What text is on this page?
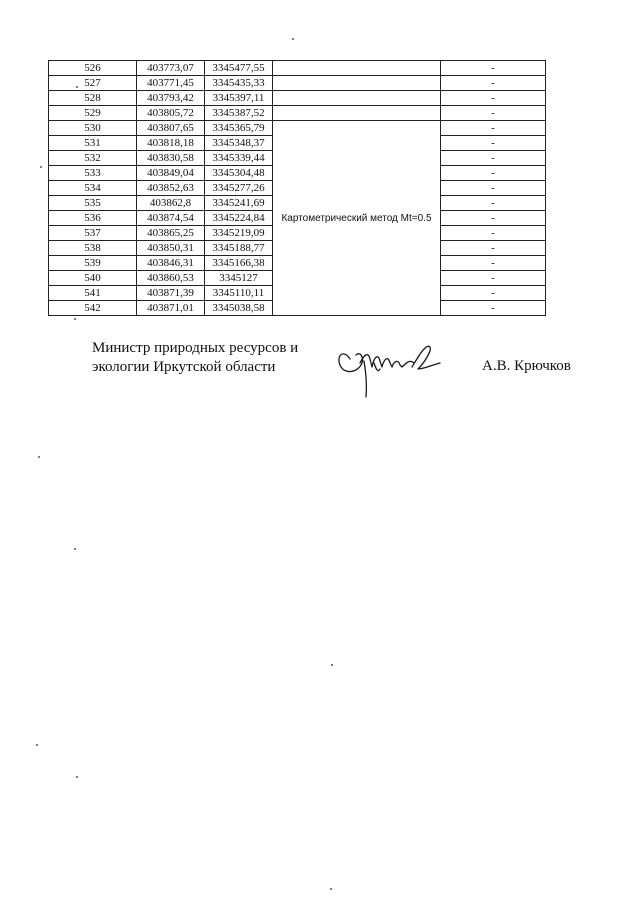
526	403773,07	3345477,55		-
527	403771,45	3345435,33		-
528	403793,42	3345397,11		-
529	403805,72	3345387,52		-
530	403807,65	3345365,79	Картометрический метод Mt=0.5	-
531	403818,18	3345348,37		-
532	403830,58	3345339,44		-
533	403849,04	3345304,48		-
534	403852,63	3345277,26		-
535	403862,8	3345241,69		-
536	403874,54	3345224,84		-
537	403865,25	3345219,09		-
538	403850,31	3345188,77		-
539	403846,31	3345166,38		-
540	403860,53	3345127		-
541	403871,39	3345110,11		-
542	403871,01	3345038,58		-
Министр природных ресурсов и
экологии Иркутской области	А.В. Крючков
